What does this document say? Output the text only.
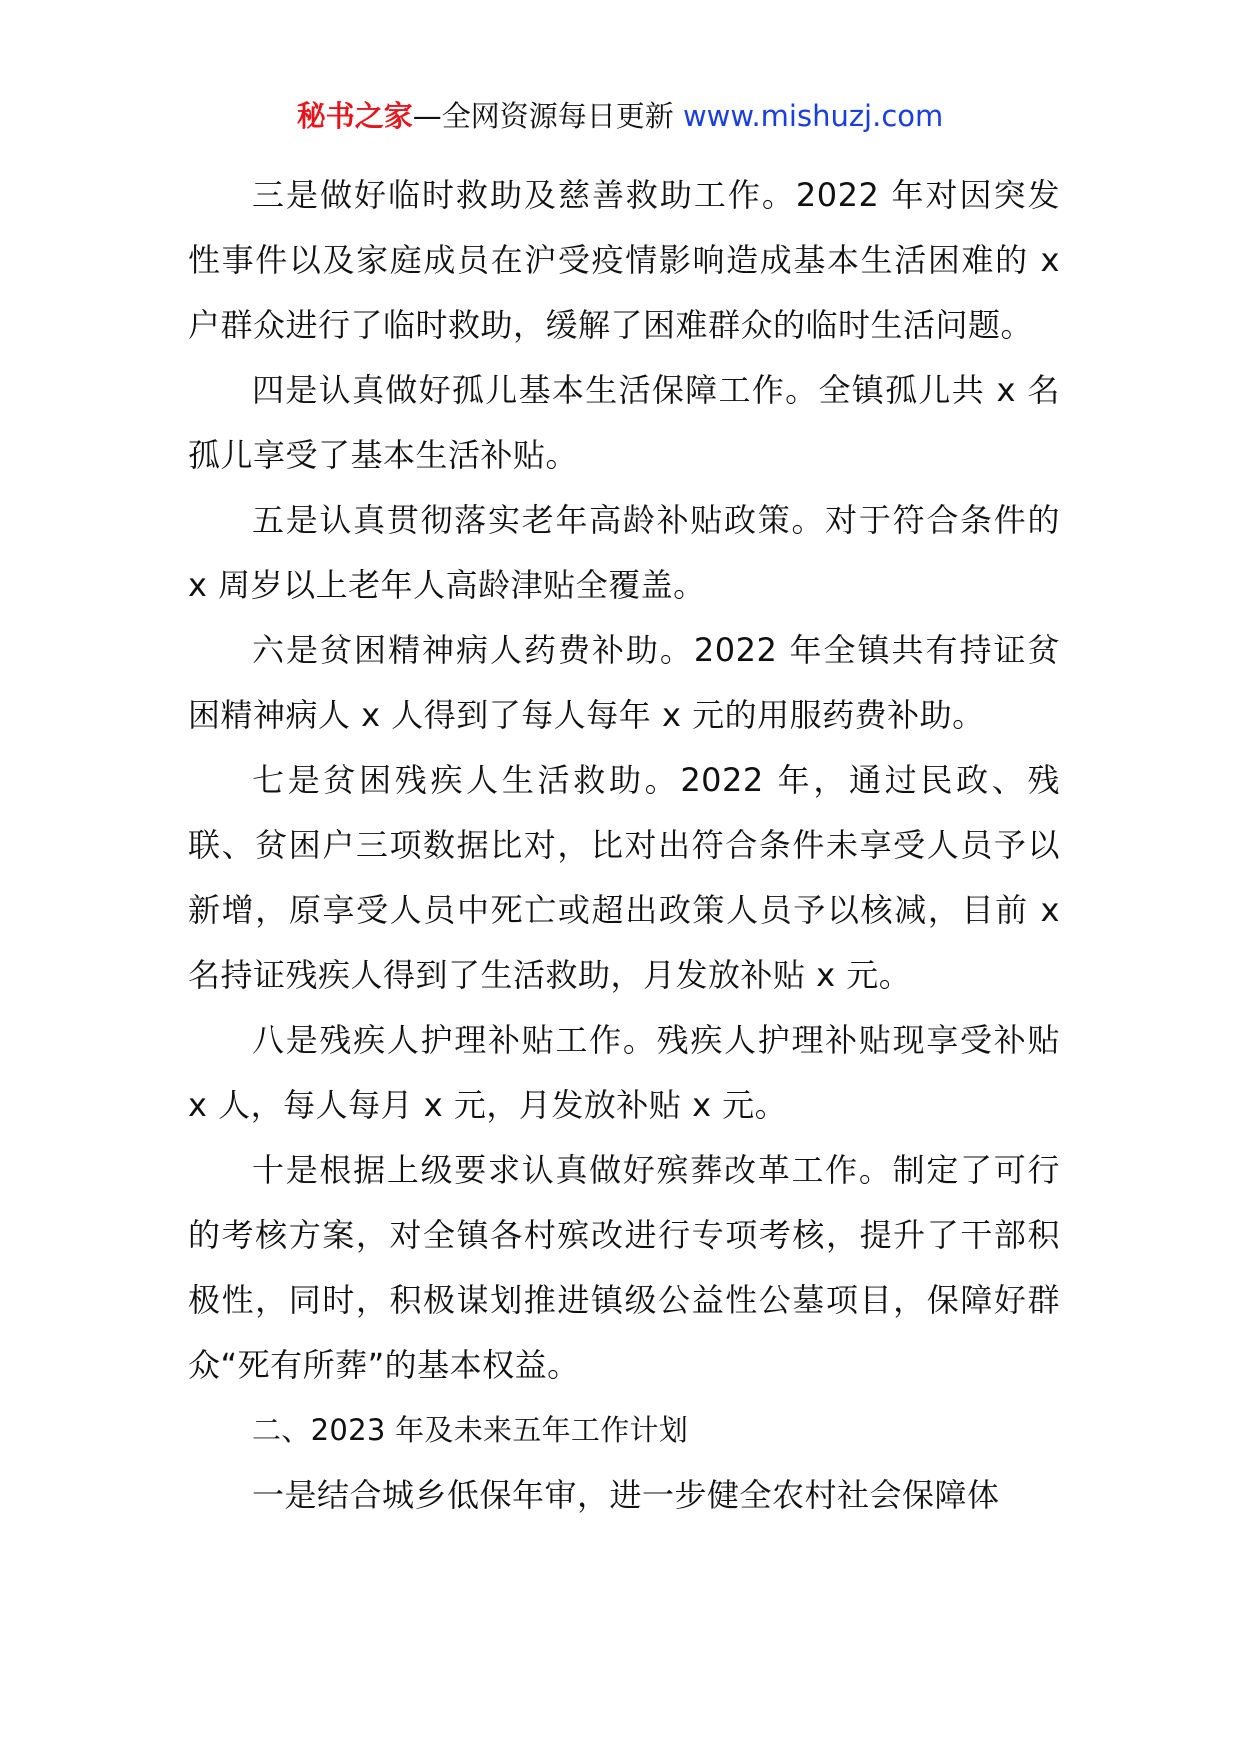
秘书之家—全网资源每日更新 www.mishuzj.com

三是做好临时救助及慈善救助工作。2022 年对因突发性事件以及家庭成员在沪受疫情影响造成基本生活困难的 x 户群众进行了临时救助，缓解了困难群众的临时生活问题。

四是认真做好孤儿基本生活保障工作。全镇孤儿共 x 名孤儿享受了基本生活补贴。

五是认真贯彻落实老年高龄补贴政策。对于符合条件的 x 周岁以上老年人高龄津贴全覆盖。

六是贫困精神病人药费补助。2022 年全镇共有持证贫困精神病人 x 人得到了每人每年 x 元的用服药费补助。

七是贫困残疾人生活救助。2022 年，通过民政、残联、贫困户三项数据比对，比对出符合条件未享受人员予以新增，原享受人员中死亡或超出政策人员予以核减，目前 x 名持证残疾人得到了生活救助，月发放补贴 x 元。

八是残疾人护理补贴工作。残疾人护理补贴现享受补贴 x 人，每人每月 x 元，月发放补贴 x 元。

十是根据上级要求认真做好殡葬改革工作。制定了可行的考核方案，对全镇各村殡改进行专项考核，提升了干部积极性，同时，积极谋划推进镇级公益性公墓项目，保障好群众“死有所葬”的基本权益。

二、2023 年及未来五年工作计划

一是结合城乡低保年审，进一步健全农村社会保障体
